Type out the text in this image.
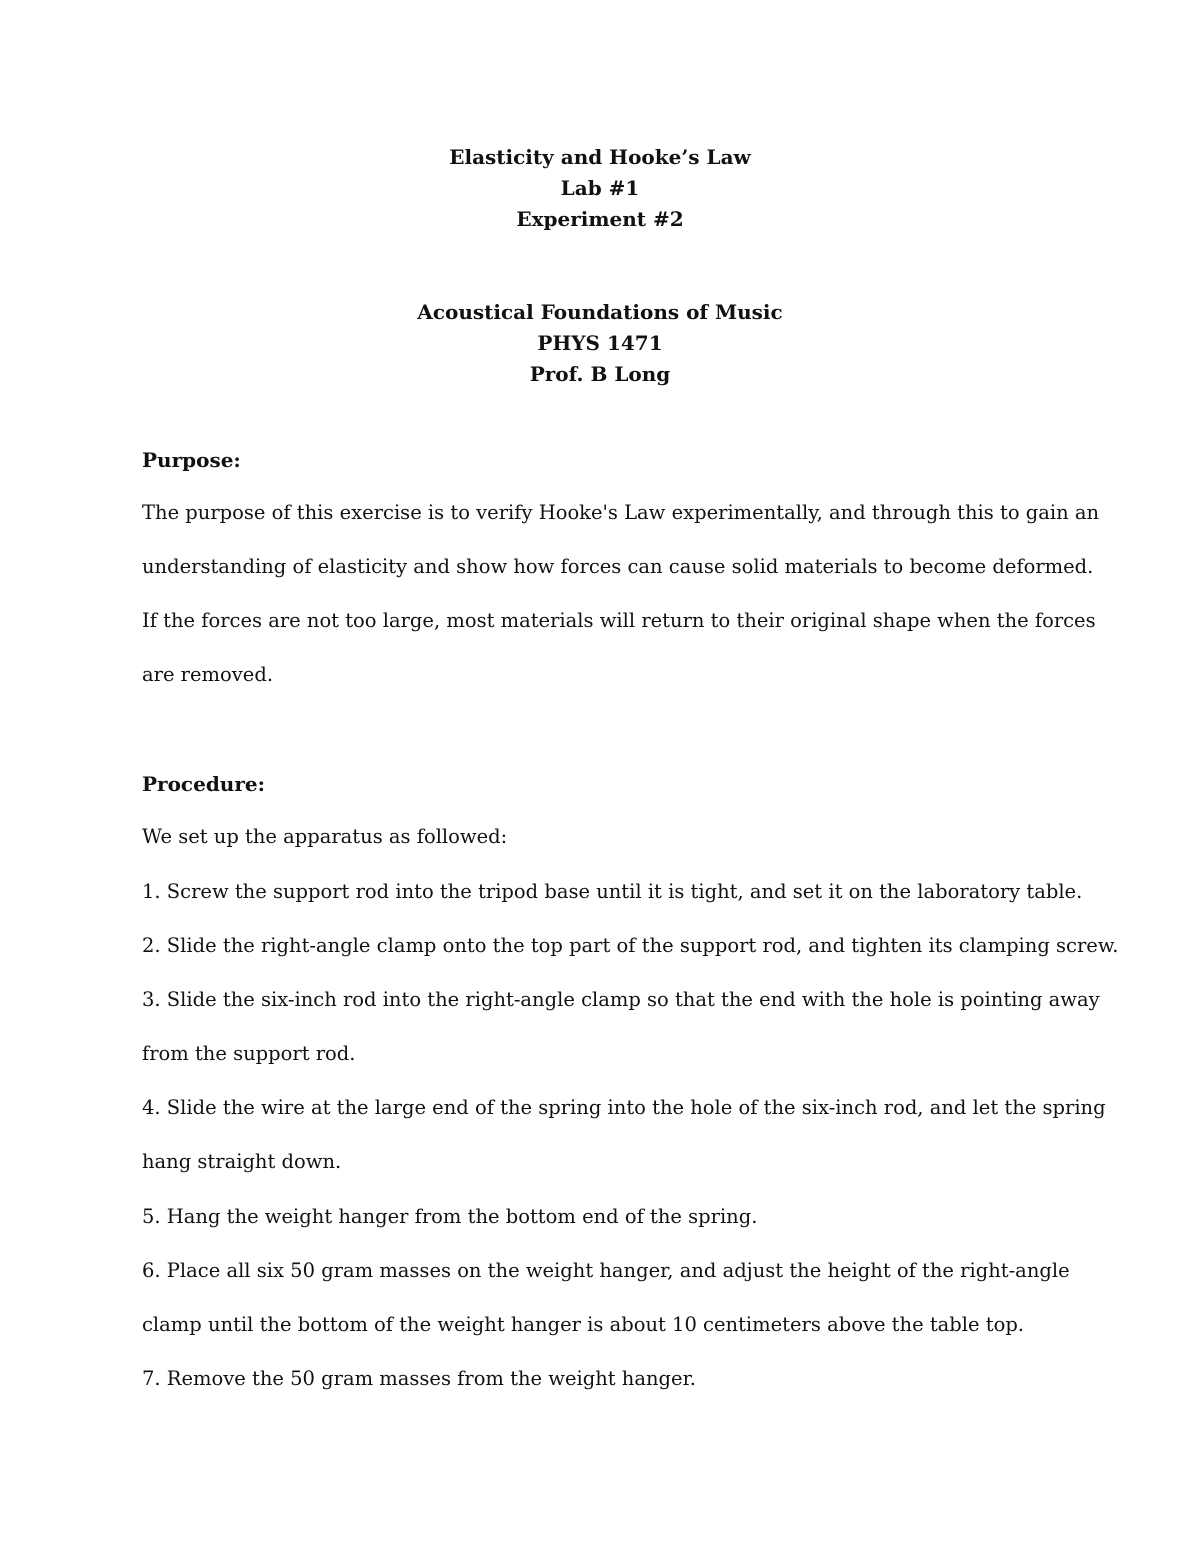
Elasticity and Hooke’s Law
Lab #1
Experiment #2
Acoustical Foundations of Music
PHYS 1471
Prof. B Long
Purpose:
The purpose of this exercise is to verify Hooke's Law experimentally, and through this to gain an
understanding of elasticity and show how forces can cause solid materials to become deformed.
If the forces are not too large, most materials will return to their original shape when the forces
are removed.
Procedure:
We set up the apparatus as followed:
1. Screw the support rod into the tripod base until it is tight, and set it on the laboratory table.
2. Slide the right-angle clamp onto the top part of the support rod, and tighten its clamping screw.
3. Slide the six-inch rod into the right-angle clamp so that the end with the hole is pointing away
from the support rod.
4. Slide the wire at the large end of the spring into the hole of the six-inch rod, and let the spring
hang straight down.
5. Hang the weight hanger from the bottom end of the spring.
6. Place all six 50 gram masses on the weight hanger, and adjust the height of the right-angle
clamp until the bottom of the weight hanger is about 10 centimeters above the table top.
7. Remove the 50 gram masses from the weight hanger.
